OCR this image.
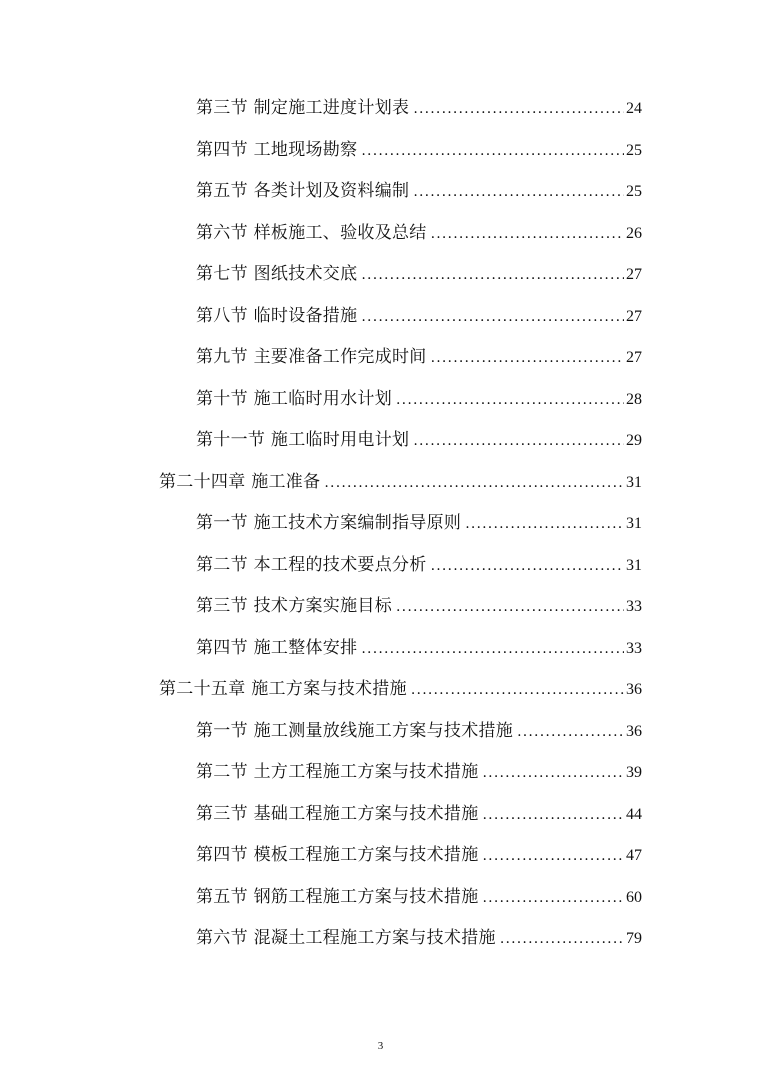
第三节 制定施工进度计划表 .....	24
第四节 工地现场勘察 .....	25
第五节 各类计划及资料编制 .....	25
第六节 样板施工、验收及总结 .....	26
第七节 图纸技术交底 .....	27
第八节 临时设备措施 .....	27
第九节 主要准备工作完成时间 .....	27
第十节 施工临时用水计划 .....	28
第十一节 施工临时用电计划 .....	29
第二十四章 施工准备 .....	31
第一节 施工技术方案编制指导原则 .....	31
第二节 本工程的技术要点分析 .....	31
第三节 技术方案实施目标 .....	33
第四节 施工整体安排 .....	33
第二十五章 施工方案与技术措施 .....	36
第一节 施工测量放线施工方案与技术措施 .....	36
第二节 土方工程施工方案与技术措施 .....	39
第三节 基础工程施工方案与技术措施 .....	44
第四节 模板工程施工方案与技术措施 .....	47
第五节 钢筋工程施工方案与技术措施 .....	60
第六节 混凝土工程施工方案与技术措施 .....	79
3
